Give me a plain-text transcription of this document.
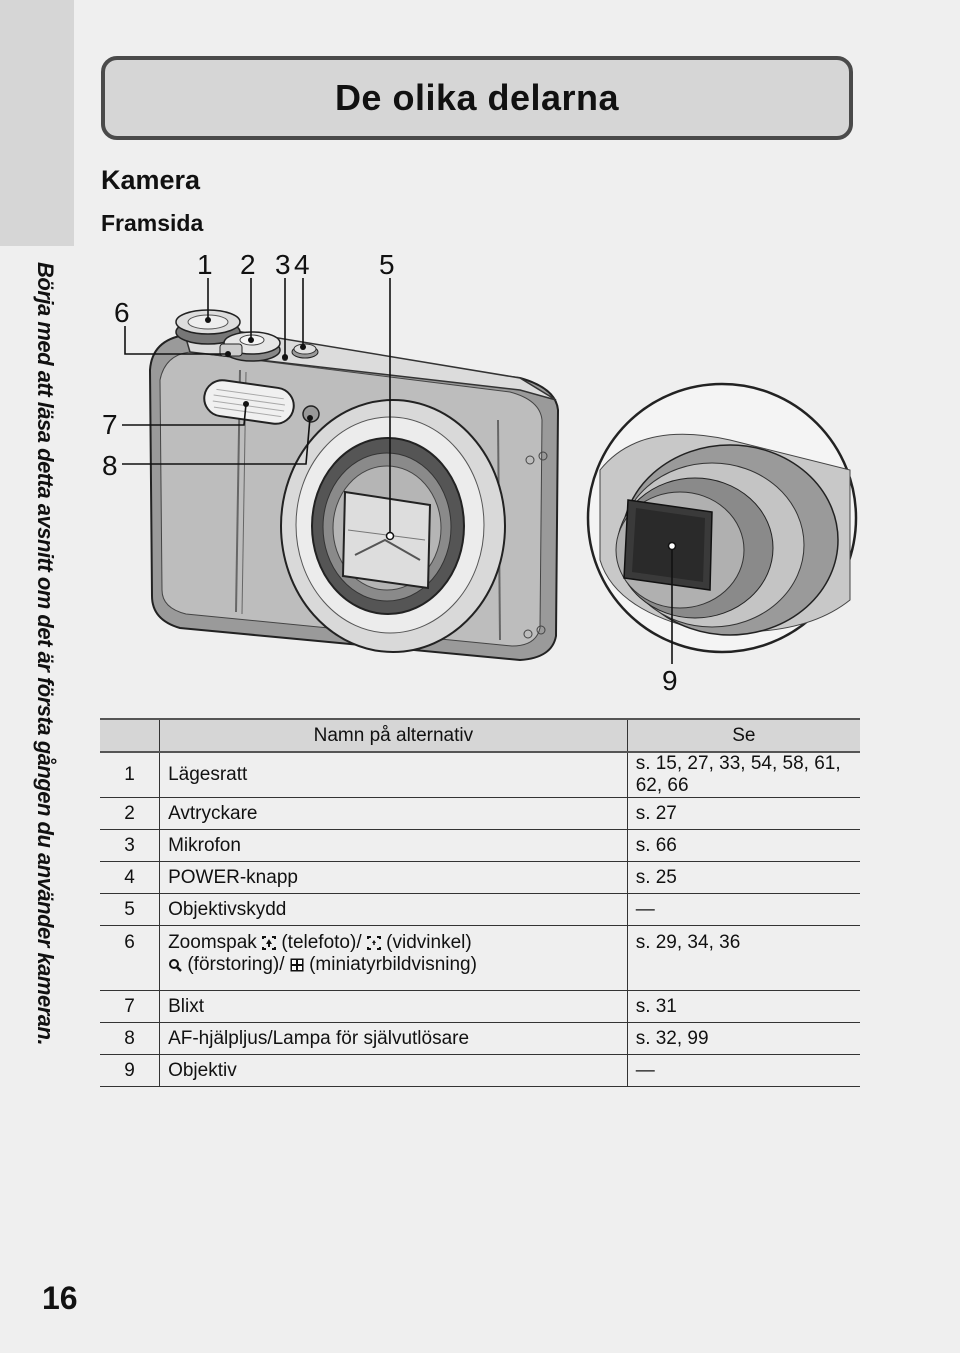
Börja med att läsa detta avsnitt om det är första gången du använder kameran.
De olika delarna
Kamera
Framsida
1 2 3 4 5
6
7
8
9
	Namn på alternativ	Se
1	Lägesratt	s. 15, 27, 33, 54, 58, 61, 62, 66
2	Avtryckare	s. 27
3	Mikrofon	s. 66
4	POWER-knapp	s. 25
5	Objektivskydd	—
6	Zoomspak (telefoto)/ (vidvinkel)
(förstoring)/ (miniatyrbildvisning)	s. 29, 34, 36
7	Blixt	s. 31
8	AF-hjälpljus/Lampa för självutlösare	s. 32, 99
9	Objektiv	—
16
